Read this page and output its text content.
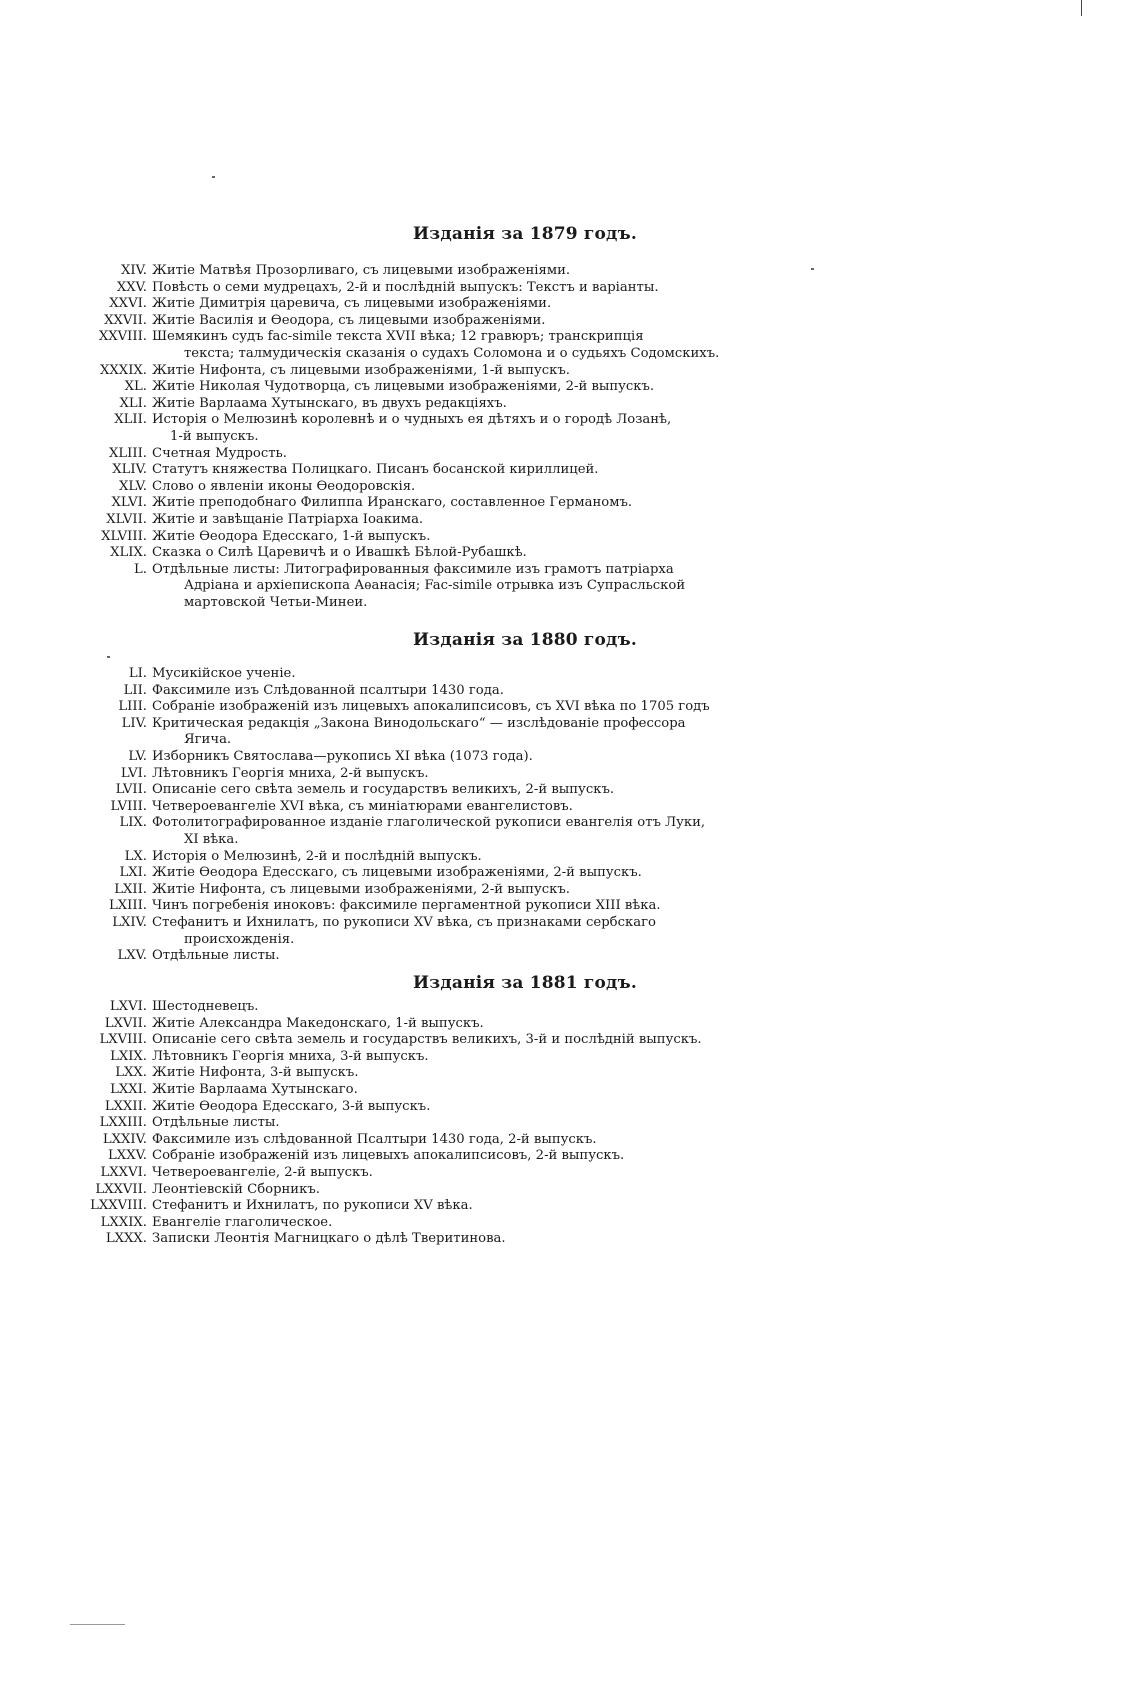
Изданія за 1879 годъ.
XIV. Житіе Матвѣя Прозорливаго, съ лицевыми изображеніями.
XXV. Повѣсть о семи мудрецахъ, 2-й и послѣдній выпускъ: Текстъ и варіанты.
XXVI. Житіе Димитрія царевича, съ лицевыми изображеніями.
XXVII. Житіе Василія и Ѳеодора, съ лицевыми изображеніями.
XXVIII. Шемякинъ судъ fac-simile текста XVII вѣка; 12 гравюръ; транскрипція
текста; талмудическія сказанія о судахъ Соломона и о судьяхъ Содомскихъ.
XXXIX. Житіе Нифонта, съ лицевыми изображеніями, 1-й выпускъ.
XL. Житіе Николая Чудотворца, съ лицевыми изображеніями, 2-й выпускъ.
XLI. Житіе Варлаама Хутынскаго, въ двухъ редакціяхъ.
XLII. Исторія о Мелюзинѣ королевнѣ и о чудныхъ ея дѣтяхъ и о городѣ Лозанѣ,
1-й выпускъ.
XLIII. Счетная Мудрость.
XLIV. Статутъ княжества Полицкаго. Писанъ босанской кириллицей.
XLV. Слово о явленіи иконы Ѳеодоровскія.
XLVI. Житіе преподобнаго Филиппа Иранскаго, составленное Германомъ.
XLVII. Житіе и завѣщаніе Патріарха Іоакима.
XLVIII. Житіе Ѳеодора Едесскаго, 1-й выпускъ.
XLIX. Сказка о Силѣ Царевичѣ и о Ивашкѣ Бѣлой-Рубашкѣ.
L. Отдѣльные листы: Литографированныя факсимиле изъ грамотъ патріарха
Адріана и архіепископа Аѳанасія; Fac-simile отрывка изъ Супрасльской
мартовской Четьи-Минеи.
Изданія за 1880 годъ.
LI. Мусикійское ученіе.
LII. Факсимиле изъ Слѣдованной псалтыри 1430 года.
LIII. Собраніе изображеній изъ лицевыхъ апокалипсисовъ, съ XVI вѣка по 1705 годъ
LIV. Критическая редакція „Закона Винодольскаго“ — изслѣдованіе профессора
Ягича.
LV. Изборникъ Святослава—рукопись XI вѣка (1073 года).
LVI. Лѣтовникъ Георгія мниха, 2-й выпускъ.
LVII. Описаніе сего свѣта земель и государствъ великихъ, 2-й выпускъ.
LVIII. Четвероевангеліе XVI вѣка, съ миніатюрами евангелистовъ.
LIX. Фотолитографированное изданіе глаголической рукописи евангелія отъ Луки,
XI вѣка.
LX. Исторія о Мелюзинѣ, 2-й и послѣдній выпускъ.
LXI. Житіе Ѳеодора Едесскаго, съ лицевыми изображеніями, 2-й выпускъ.
LXII. Житіе Нифонта, съ лицевыми изображеніями, 2-й выпускъ.
LXIII. Чинъ погребенія иноковъ: факсимиле пергаментной рукописи XIII вѣка.
LXIV. Стефанитъ и Ихнилатъ, по рукописи XV вѣка, съ признаками сербскаго
происхожденія.
LXV. Отдѣльные листы.
Изданія за 1881 годъ.
LXVI. Шестодневецъ.
LXVII. Житіе Александра Македонскаго, 1-й выпускъ.
LXVIII. Описаніе сего свѣта земель и государствъ великихъ, 3-й и послѣдній выпускъ.
LXIX. Лѣтовникъ Георгія мниха, 3-й выпускъ.
LXX. Житіе Нифонта, 3-й выпускъ.
LXXI. Житіе Варлаама Хутынскаго.
LXXII. Житіе Ѳеодора Едесскаго, 3-й выпускъ.
LXXIII. Отдѣльные листы.
LXXIV. Факсимиле изъ слѣдованной Псалтыри 1430 года, 2-й выпускъ.
LXXV. Собраніе изображеній изъ лицевыхъ апокалипсисовъ, 2-й выпускъ.
LXXVI. Четвероевангеліе, 2-й выпускъ.
LXXVII. Леонтіевскій Сборникъ.
LXXVIII. Стефанитъ и Ихнилатъ, по рукописи XV вѣка.
LXXIX. Евангеліе глаголическое.
LXXX. Записки Леонтія Магницкаго о дѣлѣ Тверитинова.
